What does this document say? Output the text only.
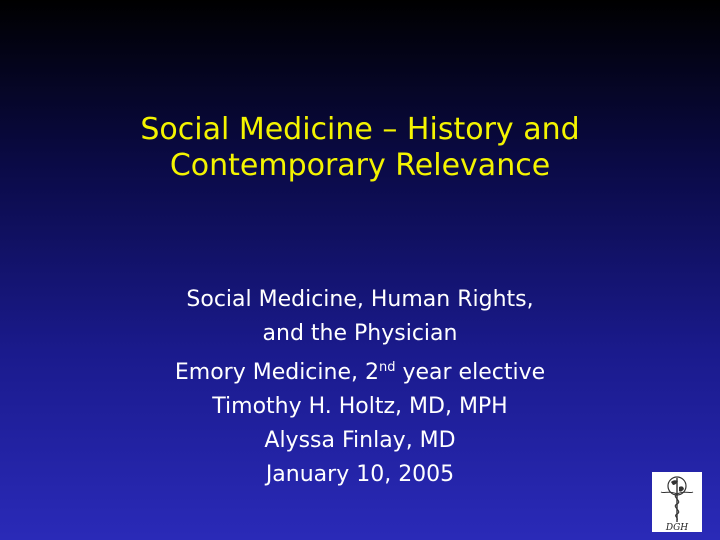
Social Medicine – History and
Contemporary Relevance
Social Medicine, Human Rights,
and the Physician
Emory Medicine, 2nd year elective
Timothy H. Holtz, MD, MPH
Alyssa Finlay, MD
January 10, 2005
DGH
